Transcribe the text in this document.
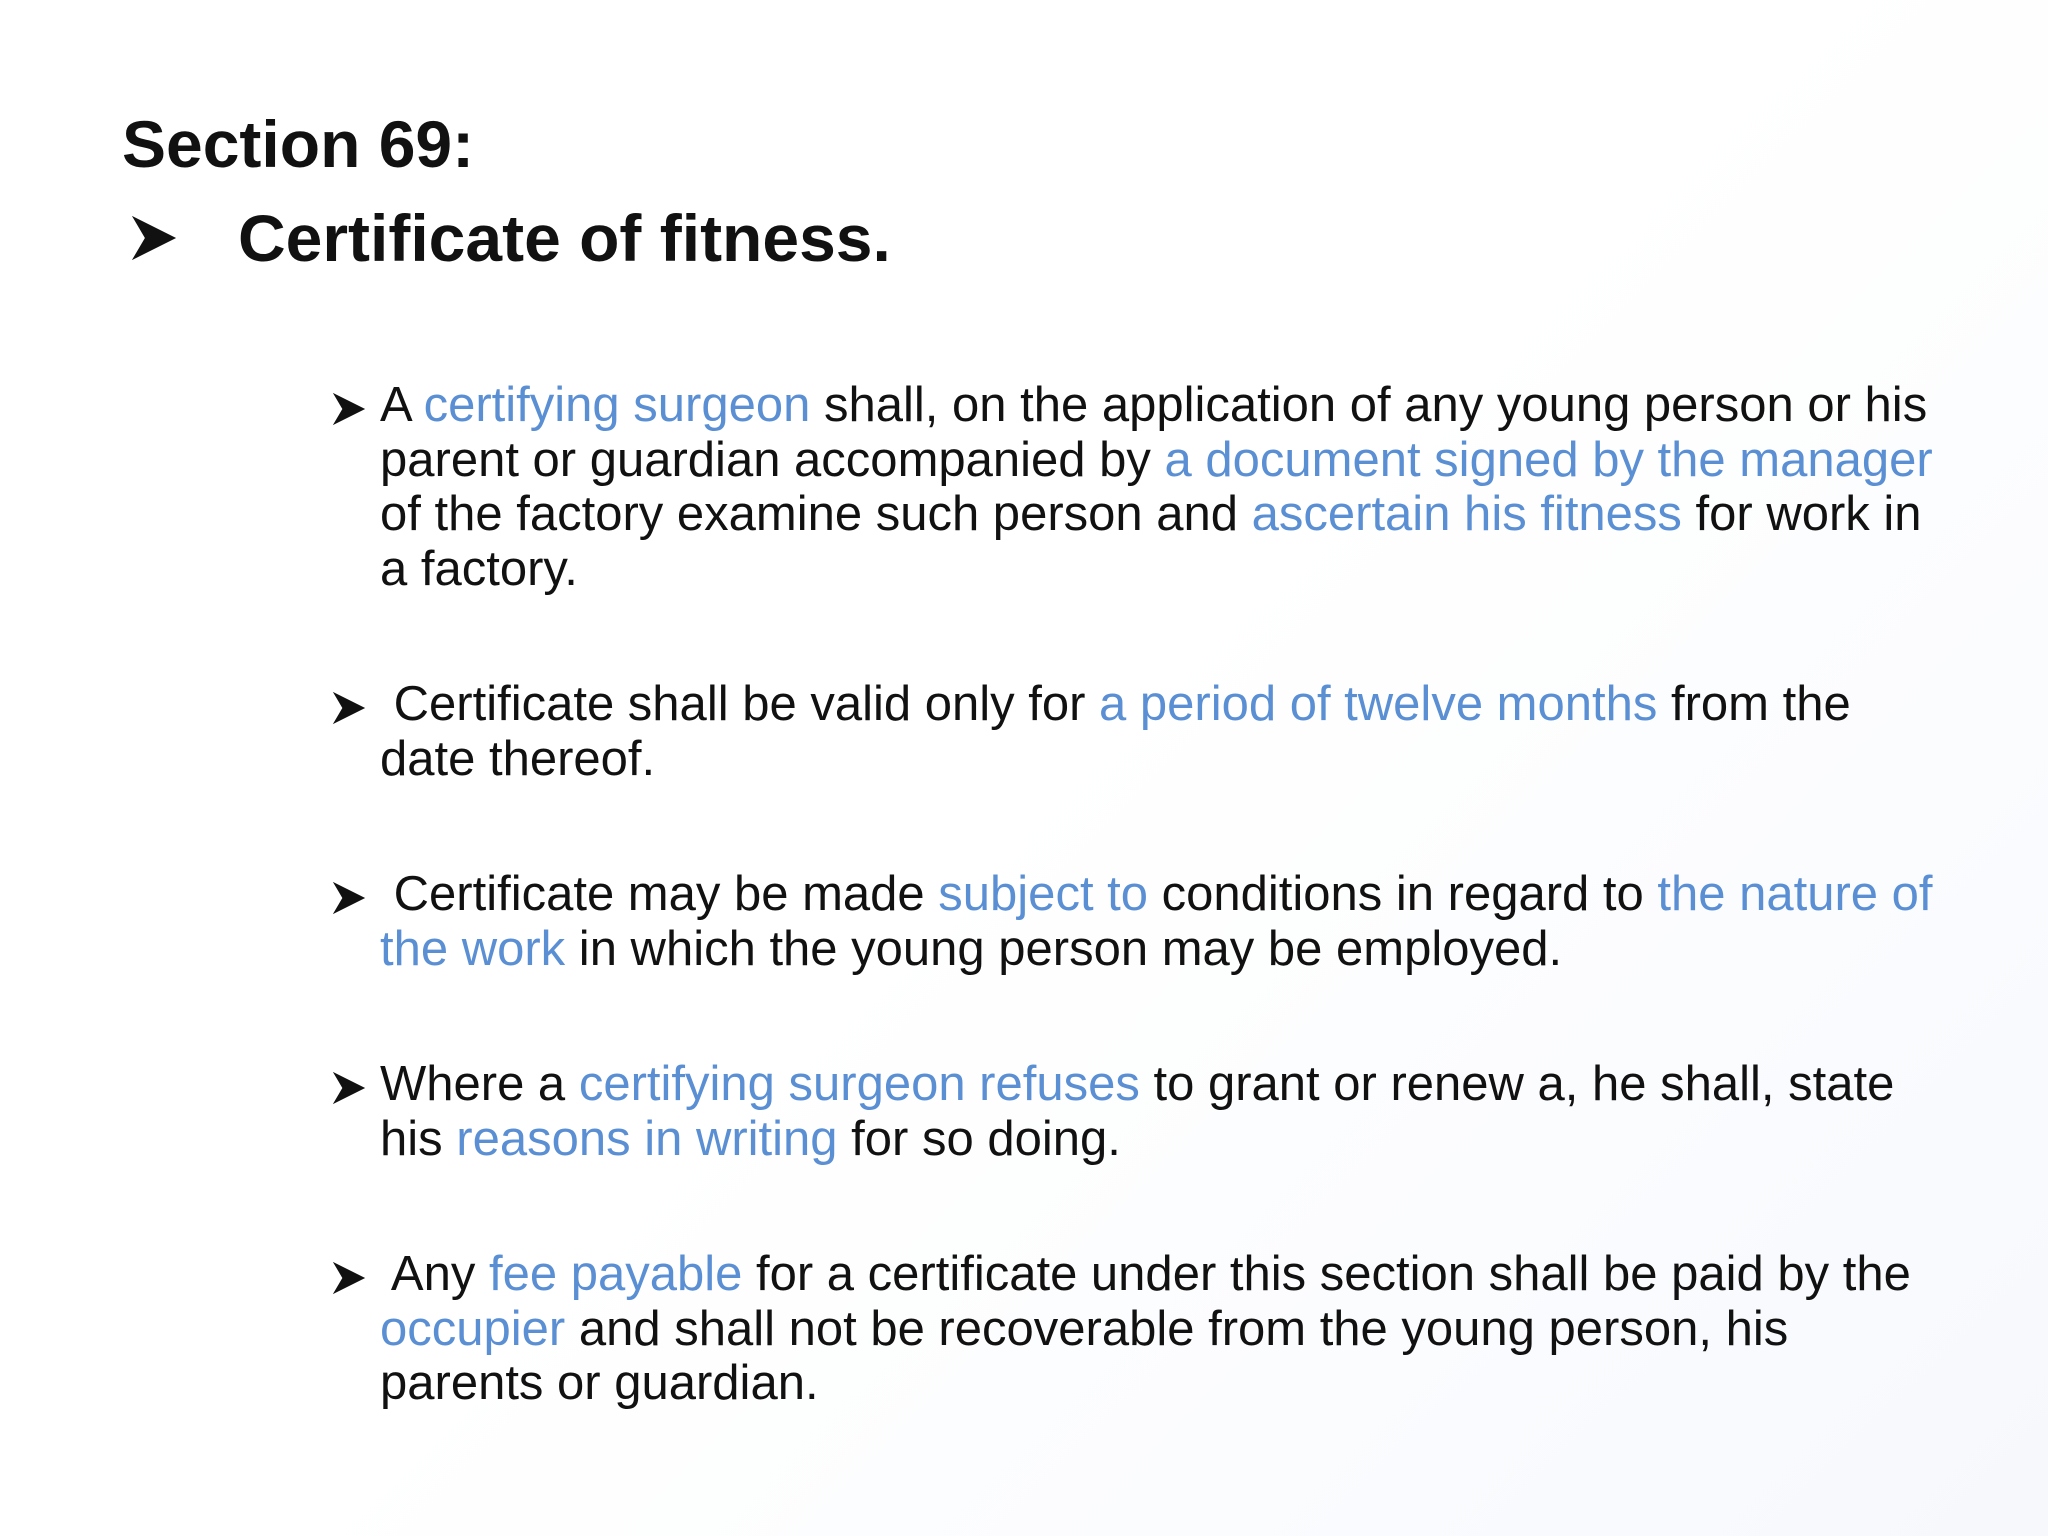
Section 69:
Certificate of fitness.
A certifying surgeon shall, on the application of any young person or his parent or guardian accompanied by a document signed by the manager of the factory examine such person and ascertain his fitness for work in a factory.
Certificate shall be valid only for a period of twelve months from the date thereof.
Certificate may be made subject to conditions in regard to the nature of the work in which the young person may be employed.
Where a certifying surgeon refuses to grant or renew a, he shall, state his reasons in writing for so doing.
Any fee payable for a certificate under this section shall be paid by the occupier and shall not be recoverable from the young person, his parents or guardian.
